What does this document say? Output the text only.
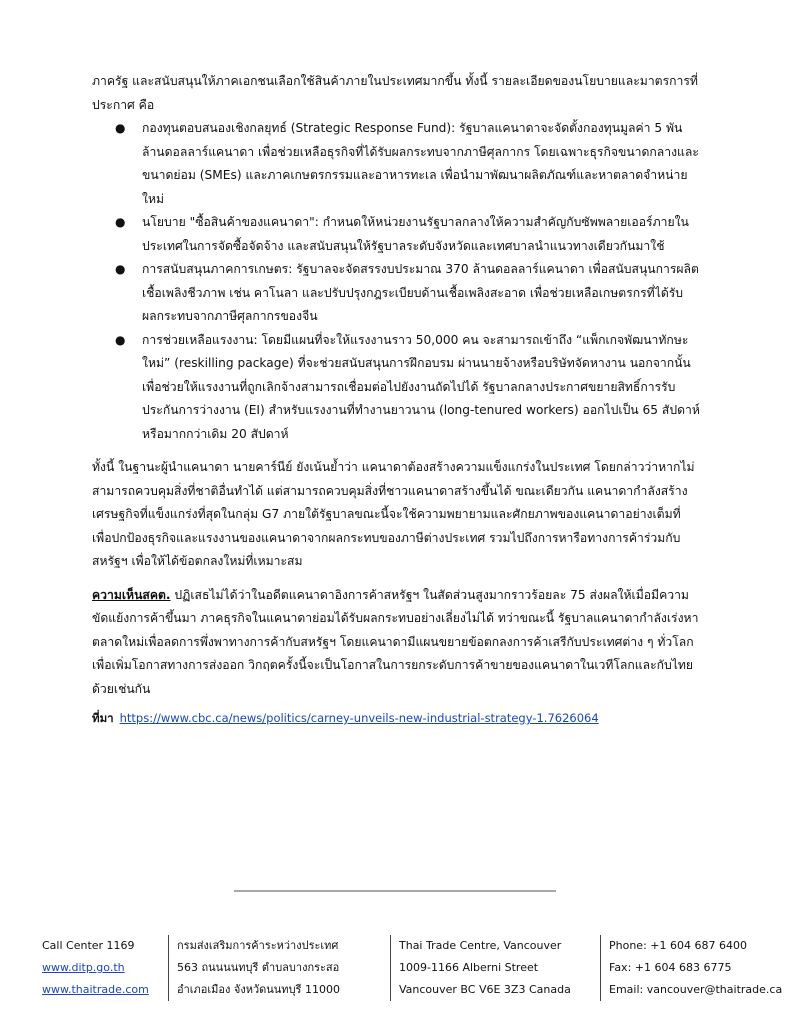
ภาครัฐ และสนับสนุนให้ภาคเอกชนเลือกใช้สินค้าภายในประเทศมากขึ้น ทั้งนี้ รายละเอียดของนโยบายและมาตรการที่ประกาศ คือ

● กองทุนตอบสนองเชิงกลยุทธ์ (Strategic Response Fund): รัฐบาลแคนาดาจะจัดตั้งกองทุนมูลค่า 5 พันล้านดอลลาร์แคนาดา เพื่อช่วยเหลือธุรกิจที่ได้รับผลกระทบจากภาษีศุลกากร โดยเฉพาะธุรกิจขนาดกลางและขนาดย่อม (SMEs) และภาคเกษตรกรรมและอาหารทะเล เพื่อนำมาพัฒนาผลิตภัณฑ์และหาตลาดจำหน่ายใหม่
● นโยบาย "ซื้อสินค้าของแคนาดา": กำหนดให้หน่วยงานรัฐบาลกลางให้ความสำคัญกับซัพพลายเออร์ภายในประเทศในการจัดซื้อจัดจ้าง และสนับสนุนให้รัฐบาลระดับจังหวัดและเทศบาลนำแนวทางเดียวกันมาใช้
● การสนับสนุนภาคการเกษตร: รัฐบาลจะจัดสรรงบประมาณ 370 ล้านดอลลาร์แคนาดา เพื่อสนับสนุนการผลิตเชื้อเพลิงชีวภาพ เช่น คาโนลา และปรับปรุงกฎระเบียบด้านเชื้อเพลิงสะอาด เพื่อช่วยเหลือเกษตรกรที่ได้รับผลกระทบจากภาษีศุลกากรของจีน
● การช่วยเหลือแรงงาน: โดยมีแผนที่จะให้แรงงานราว 50,000 คน จะสามารถเข้าถึง “แพ็กเกจพัฒนาทักษะใหม่” (reskilling package) ที่จะช่วยสนับสนุนการฝึกอบรม ผ่านนายจ้างหรือบริษัทจัดหางาน นอกจากนั้น เพื่อช่วยให้แรงงานที่ถูกเลิกจ้างสามารถเชื่อมต่อไปยังงานถัดไปได้ รัฐบาลกลางประกาศขยายสิทธิ์การรับประกันการว่างงาน (EI) สำหรับแรงงานที่ทำงานยาวนาน (long-tenured workers) ออกไปเป็น 65 สัปดาห์ หรือมากกว่าเดิม 20 สัปดาห์

ทั้งนี้ ในฐานะผู้นำแคนาดา นายคาร์นีย์ ยังเน้นย้ำว่า แคนาดาต้องสร้างความแข็งแกร่งในประเทศ โดยกล่าวว่าหากไม่สามารถควบคุมสิ่งที่ชาติอื่นทำได้ แต่สามารถควบคุมสิ่งที่ชาวแคนาดาสร้างขึ้นได้ ขณะเดียวกัน แคนาดากำลังสร้างเศรษฐกิจที่แข็งแกร่งที่สุดในกลุ่ม G7 ภายใต้รัฐบาลขณะนี้จะใช้ความพยายามและศักยภาพของแคนาดาอย่างเต็มที่ เพื่อปกป้องธุรกิจและแรงงานของแคนาดาจากผลกระทบของภาษีต่างประเทศ รวมไปถึงการหารือทางการค้าร่วมกับสหรัฐฯ เพื่อให้ได้ข้อตกลงใหม่ที่เหมาะสม

ความเห็นสคต. ปฏิเสธไม่ได้ว่าในอดีตแคนาดาอิงการค้าสหรัฐฯ ในสัดส่วนสูงมากราวร้อยละ 75 ส่งผลให้เมื่อมีความขัดแย้งการค้าขึ้นมา ภาคธุรกิจในแคนาดาย่อมได้รับผลกระทบอย่างเลี่ยงไม่ได้ ทว่าขณะนี้ รัฐบาลแคนาดากำลังเร่งหาตลาดใหม่เพื่อลดการพึ่งพาทางการค้ากับสหรัฐฯ โดยแคนาดามีแผนขยายข้อตกลงการค้าเสรีกับประเทศต่าง ๆ ทั่วโลกเพื่อเพิ่มโอกาสทางการส่งออก วิกฤตครั้งนี้จะเป็นโอกาสในการยกระดับการค้าขายของแคนาดาในเวทีโลกและกับไทยด้วยเช่นกัน

ที่มา https://www.cbc.ca/news/politics/carney-unveils-new-industrial-strategy-1.7626064

Call Center 1169
www.ditp.go.th
www.thaitrade.com
กรมส่งเสริมการค้าระหว่างประเทศ
563 ถนนนนทบุรี ตำบลบางกระสอ
อำเภอเมือง จังหวัดนนทบุรี 11000
Thai Trade Centre, Vancouver
1009-1166 Alberni Street
Vancouver BC V6E 3Z3 Canada
Phone: +1 604 687 6400
Fax: +1 604 683 6775
Email: vancouver@thaitrade.ca
